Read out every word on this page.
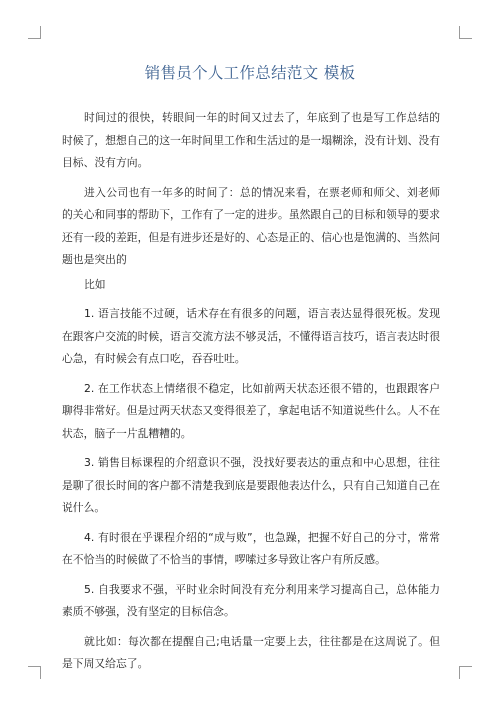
销售员个人工作总结范文 模板

时间过的很快，转眼间一年的时间又过去了，年底到了也是写工作总结的时候了，想想自己的这一年时间里工作和生活过的是一塌糊涂，没有计划、没有目标、没有方向。

进入公司也有一年多的时间了：总的情况来看，在票老师和师父、刘老师的关心和同事的帮助下，工作有了一定的进步。虽然跟自己的目标和领导的要求还有一段的差距，但是有进步还是好的、心态是正的、信心也是饱满的、当然问题也是突出的

比如

1. 语言技能不过硬，话术存在有很多的问题，语言表达显得很死板。发现在跟客户交流的时候，语言交流方法不够灵活，不懂得语言技巧，语言表达时很心急，有时候会有点口吃，吞吞吐吐。

2. 在工作状态上情绪很不稳定，比如前两天状态还很不错的，也跟跟客户聊得非常好。但是过两天状态又变得很差了，拿起电话不知道说些什么。人不在状态，脑子一片乱糟糟的。

3. 销售目标课程的介绍意识不强，没找好要表达的重点和中心思想，往往是聊了很长时间的客户都不清楚我到底是要跟他表达什么，只有自己知道自己在说什么。

4. 有时很在乎课程介绍的“成与败”，也急躁，把握不好自己的分寸，常常在不恰当的时候做了不恰当的事情，啰嗦过多导致让客户有所反感。

5. 自我要求不强，平时业余时间没有充分利用来学习提高自己，总体能力素质不够强，没有坚定的目标信念。

就比如：每次都在提醒自己;电话量一定要上去，往往都是在这周说了。但是下周又给忘了。
